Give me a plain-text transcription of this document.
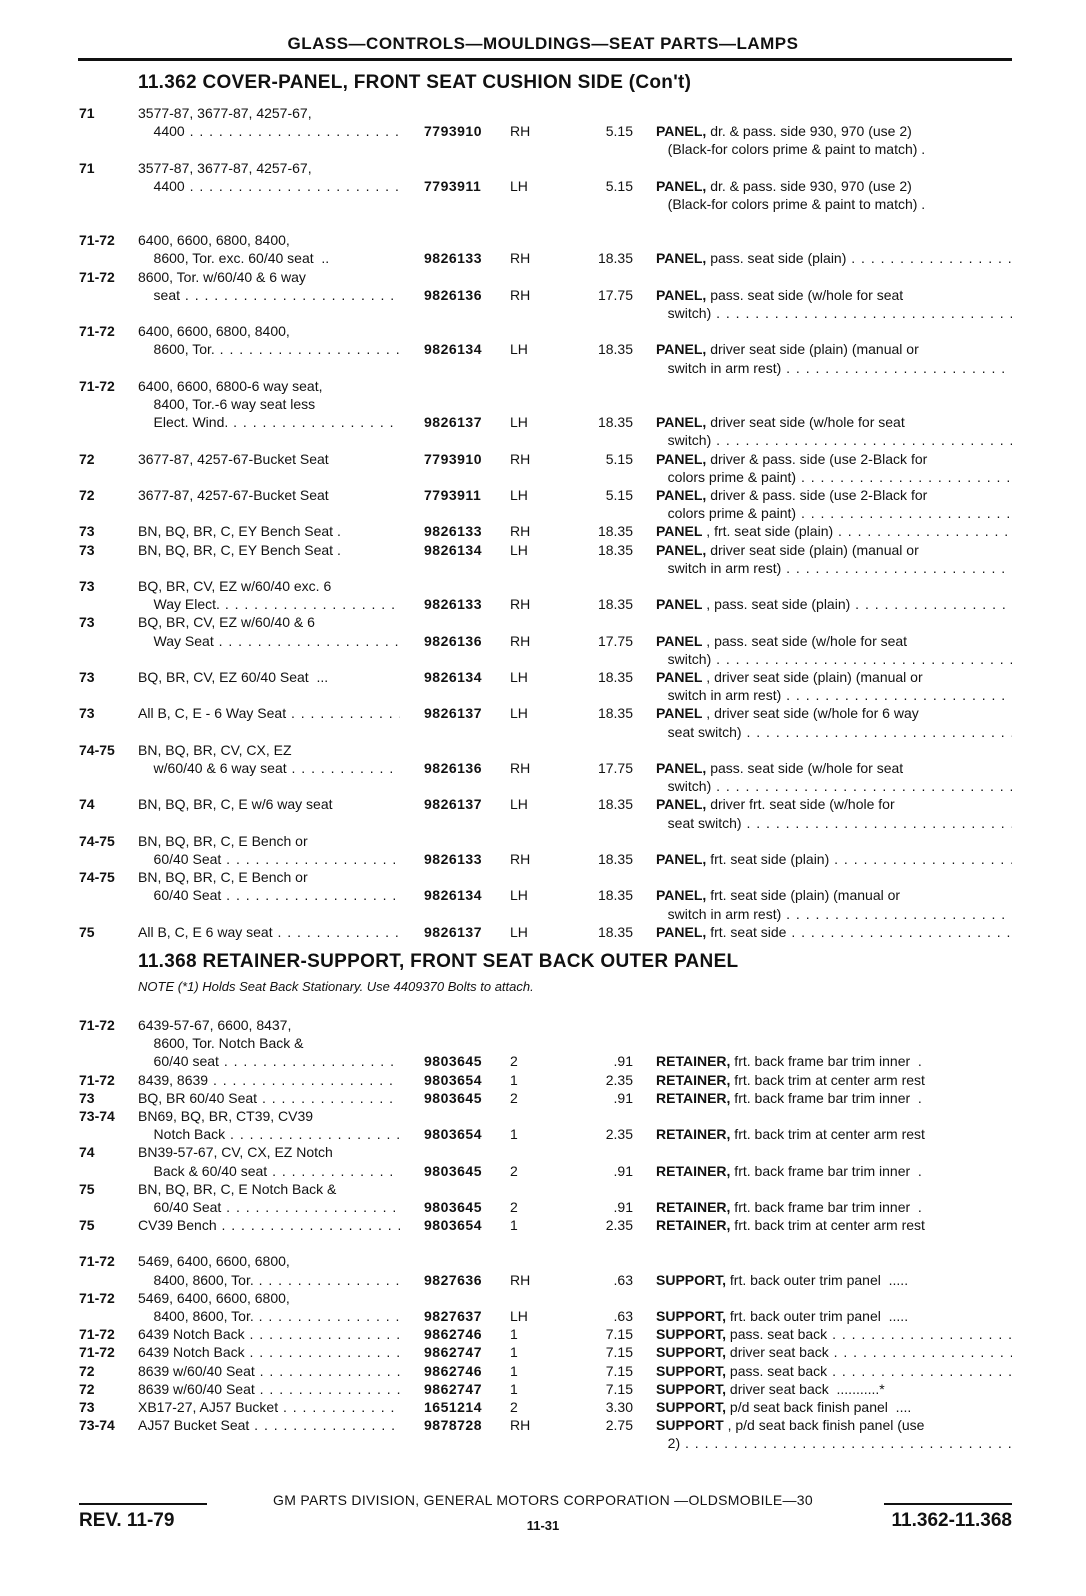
GLASS—CONTROLS—MOULDINGS—SEAT PARTS—LAMPS
11.362 COVER-PANEL, FRONT SEAT CUSHION SIDE (Con't)
71	3577-87, 3677-87, 4257-67,
4400 . . .	7793910	RH	5.15 PANEL, dr. & pass. side 930, 970 (use 2)
(Black-for colors prime & paint to match) .
71	3577-87, 3677-87, 4257-67,
4400 . . .	7793911	LH	5.15 PANEL, dr. & pass. side 930, 970 (use 2)
(Black-for colors prime & paint to match) .
71-72	6400, 6600, 6800, 8400,
8600, Tor. exc. 60/40 seat  ..	9826133	RH	18.35 PANEL, pass. seat side (plain) . . .
71-72	8600, Tor. w/60/40 & 6 way
seat . . .	9826136	RH	17.75 PANEL, pass. seat side (w/hole for seat
switch) . . .
71-72	6400, 6600, 6800, 8400,
8600, Tor. . . .	9826134	LH	18.35 PANEL, driver seat side (plain) (manual or
switch in arm rest) . . .
71-72	6400, 6600, 6800-6 way seat,
8400, Tor.-6 way seat less
Elect. Wind. . . .	9826137	LH	18.35 PANEL, driver seat side (w/hole for seat
switch) . . .
72	3677-87, 4257-67-Bucket Seat	7793910	RH	5.15 PANEL, driver & pass. side (use 2-Black for
colors prime & paint) . . .
72	3677-87, 4257-67-Bucket Seat	7793911	LH	5.15 PANEL, driver & pass. side (use 2-Black for
colors prime & paint) . . .
73	BN, BQ, BR, C, EY Bench Seat .	9826133	RH	18.35 PANEL , frt. seat side (plain) . . .
73	BN, BQ, BR, C, EY Bench Seat .	9826134	LH	18.35 PANEL, driver seat side (plain) (manual or
switch in arm rest) . . .
73	BQ, BR, CV, EZ w/60/40 exc. 6
Way Elect. . . .	9826133	RH	18.35 PANEL , pass. seat side (plain) . . .
73	BQ, BR, CV, EZ w/60/40 & 6
Way Seat . . .	9826136	RH	17.75 PANEL , pass. seat side (w/hole for seat
switch) . . .
73	BQ, BR, CV, EZ 60/40 Seat  ...	9826134	LH	18.35 PANEL , driver seat side (plain) (manual or
switch in arm rest) . . .
73	All B, C, E - 6 Way Seat . . .	9826137	LH	18.35 PANEL , driver seat side (w/hole for 6 way
seat switch) . . .
74-75	BN, BQ, BR, CV, CX, EZ
w/60/40 & 6 way seat . . .	9826136	RH	17.75 PANEL, pass. seat side (w/hole for seat
switch) . . .
74	BN, BQ, BR, C, E w/6 way seat	9826137	LH	18.35 PANEL, driver frt. seat side (w/hole for
seat switch) . . .
74-75	BN, BQ, BR, C, E Bench or
60/40 Seat . . .	9826133	RH	18.35 PANEL, frt. seat side (plain) . . .
74-75	BN, BQ, BR, C, E Bench or
60/40 Seat . . .	9826134	LH	18.35 PANEL, frt. seat side (plain) (manual or
switch in arm rest) . . .
75	All B, C, E 6 way seat . . .	9826137	LH	18.35 PANEL, frt. seat side . . .
11.368 RETAINER-SUPPORT, FRONT SEAT BACK OUTER PANEL
NOTE (*1) Holds Seat Back Stationary. Use 4409370 Bolts to attach.
71-72	6439-57-67, 6600, 8437,
8600, Tor. Notch Back &
60/40 seat . . .	9803645	2	.91 RETAINER, frt. back frame bar trim inner  .
71-72	8439, 8639 . . .	9803654	1	2.35 RETAINER, frt. back trim at center arm rest
73	BQ, BR 60/40 Seat . . .	9803645	2	.91 RETAINER, frt. back frame bar trim inner  .
73-74	BN69, BQ, BR, CT39, CV39
Notch Back . . .	9803654	1	2.35 RETAINER, frt. back trim at center arm rest
74	BN39-57-67, CV, CX, EZ Notch
Back & 60/40 seat . . .	9803645	2	.91 RETAINER, frt. back frame bar trim inner  .
75	BN, BQ, BR, C, E Notch Back &
60/40 Seat . . .	9803645	2	.91 RETAINER, frt. back frame bar trim inner  .
75	CV39 Bench . . .	9803654	1	2.35 RETAINER, frt. back trim at center arm rest
71-72	5469, 6400, 6600, 6800,
8400, 8600, Tor. . . .	9827636	RH	.63 SUPPORT, frt. back outer trim panel  .....
71-72	5469, 6400, 6600, 6800,
8400, 8600, Tor. . . .	9827637	LH	.63 SUPPORT, frt. back outer trim panel  .....
71-72	6439 Notch Back . . .	9862746	1	7.15 SUPPORT, pass. seat back . . .
71-72	6439 Notch Back . . .	9862747	1	7.15 SUPPORT, driver seat back . . .
72	8639 w/60/40 Seat . . .	9862746	1	7.15 SUPPORT, pass. seat back . . .
72	8639 w/60/40 Seat . . .	9862747	1	7.15 SUPPORT, driver seat back  ...........*
73	XB17-27, AJ57 Bucket . . .	1651214	2	3.30 SUPPORT, p/d seat back finish panel  ....
73-74	AJ57 Bucket Seat . . .	9878728	RH	2.75 SUPPORT , p/d seat back finish panel (use
2) . . .
GM PARTS DIVISION, GENERAL MOTORS CORPORATION —OLDSMOBILE—30
REV. 11-79	11-31	11.362-11.368
